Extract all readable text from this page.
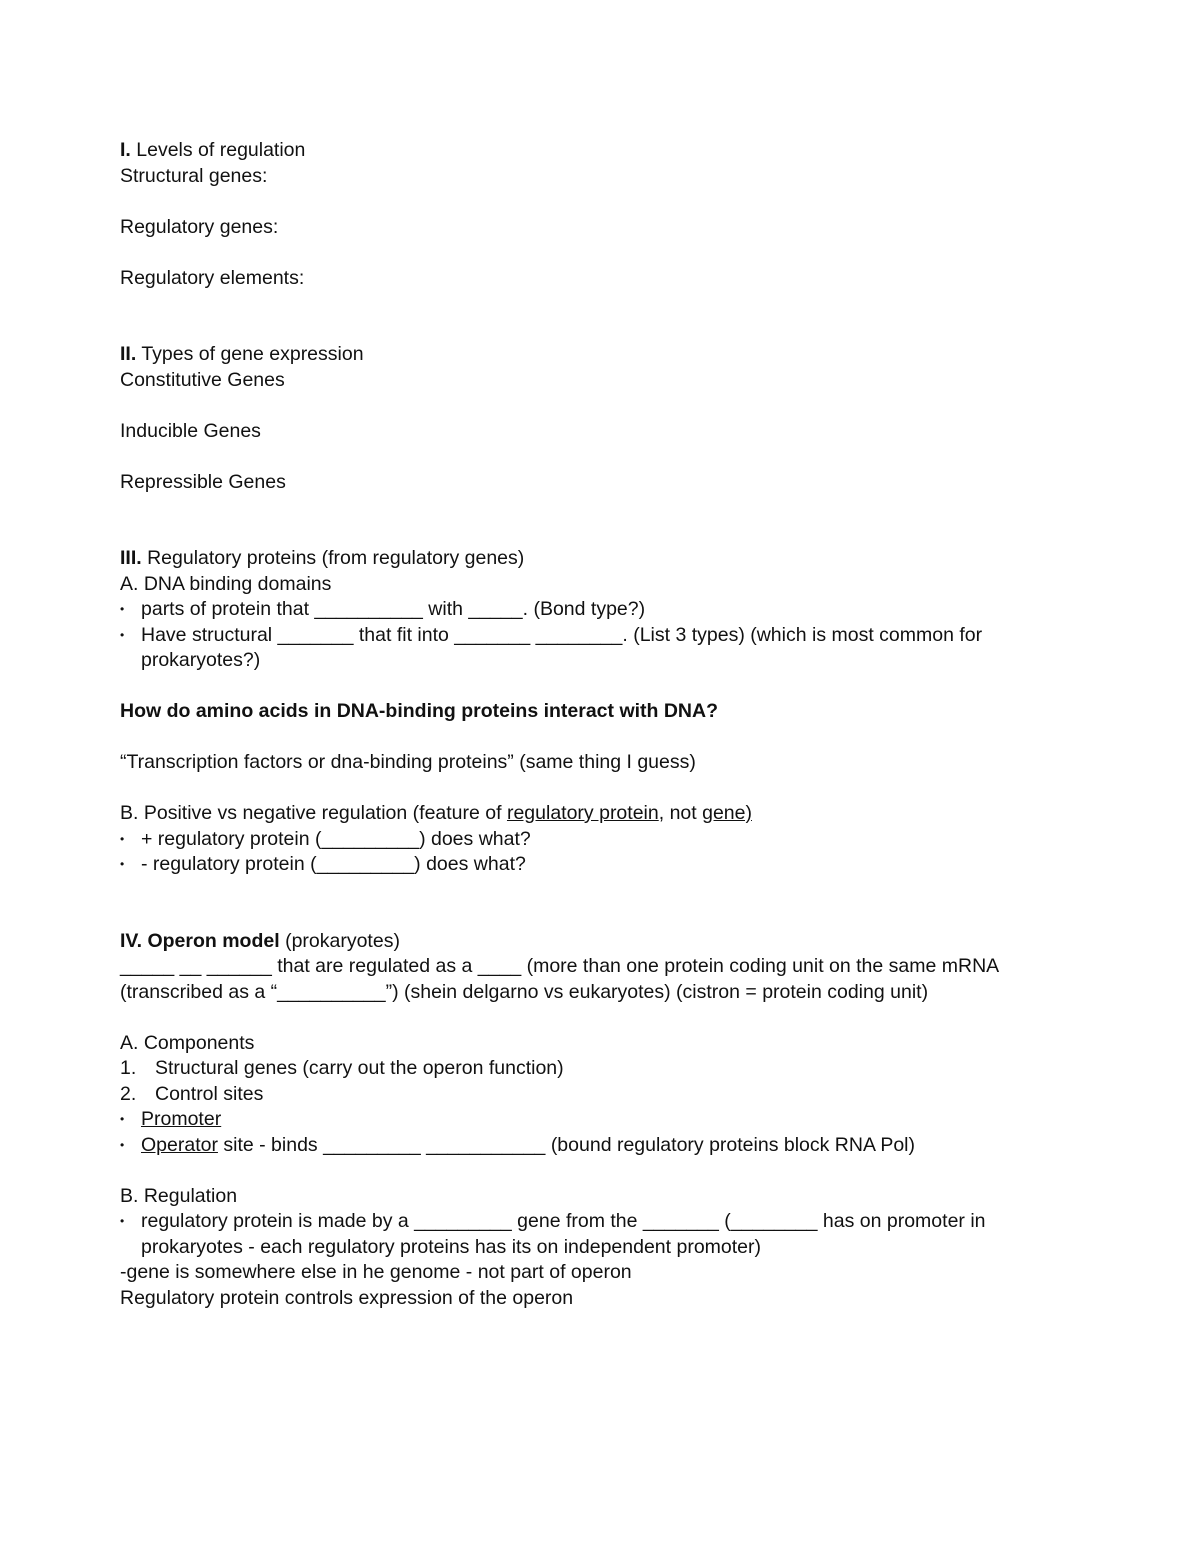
I. Levels of regulation

Structural genes:

Regulatory genes:

Regulatory elements:

II. Types of gene expression

Constitutive Genes

Inducible Genes

Repressible Genes

III. Regulatory proteins (from regulatory genes)

A. DNA binding domains

• parts of protein that __________ with _____. (Bond type?)
• Have structural _______ that fit into _______ ________. (List 3 types) (which is most common for
prokaryotes?)

How do amino acids in DNA-binding proteins interact with DNA?

“Transcription factors or dna-binding proteins” (same thing I guess)

B. Positive vs negative regulation (feature of regulatory protein, not gene)

• + regulatory protein (_________) does what?
• - regulatory protein (_________) does what?

IV. Operon model (prokaryotes)

_____ __ ______ that are regulated as a ____ (more than one protein coding unit on the same mRNA

(transcribed as a “__________”) (shein delgarno vs eukaryotes) (cistron = protein coding unit)

A. Components

1. Structural genes (carry out the operon function)
2. Control sites
• Promoter
• Operator site - binds _________ ___________ (bound regulatory proteins block RNA Pol)

B. Regulation

• regulatory protein is made by a _________ gene from the _______ (________ has on promoter in
prokaryotes - each regulatory proteins has its on independent promoter)

-gene is somewhere else in he genome - not part of operon

Regulatory protein controls expression of the operon
